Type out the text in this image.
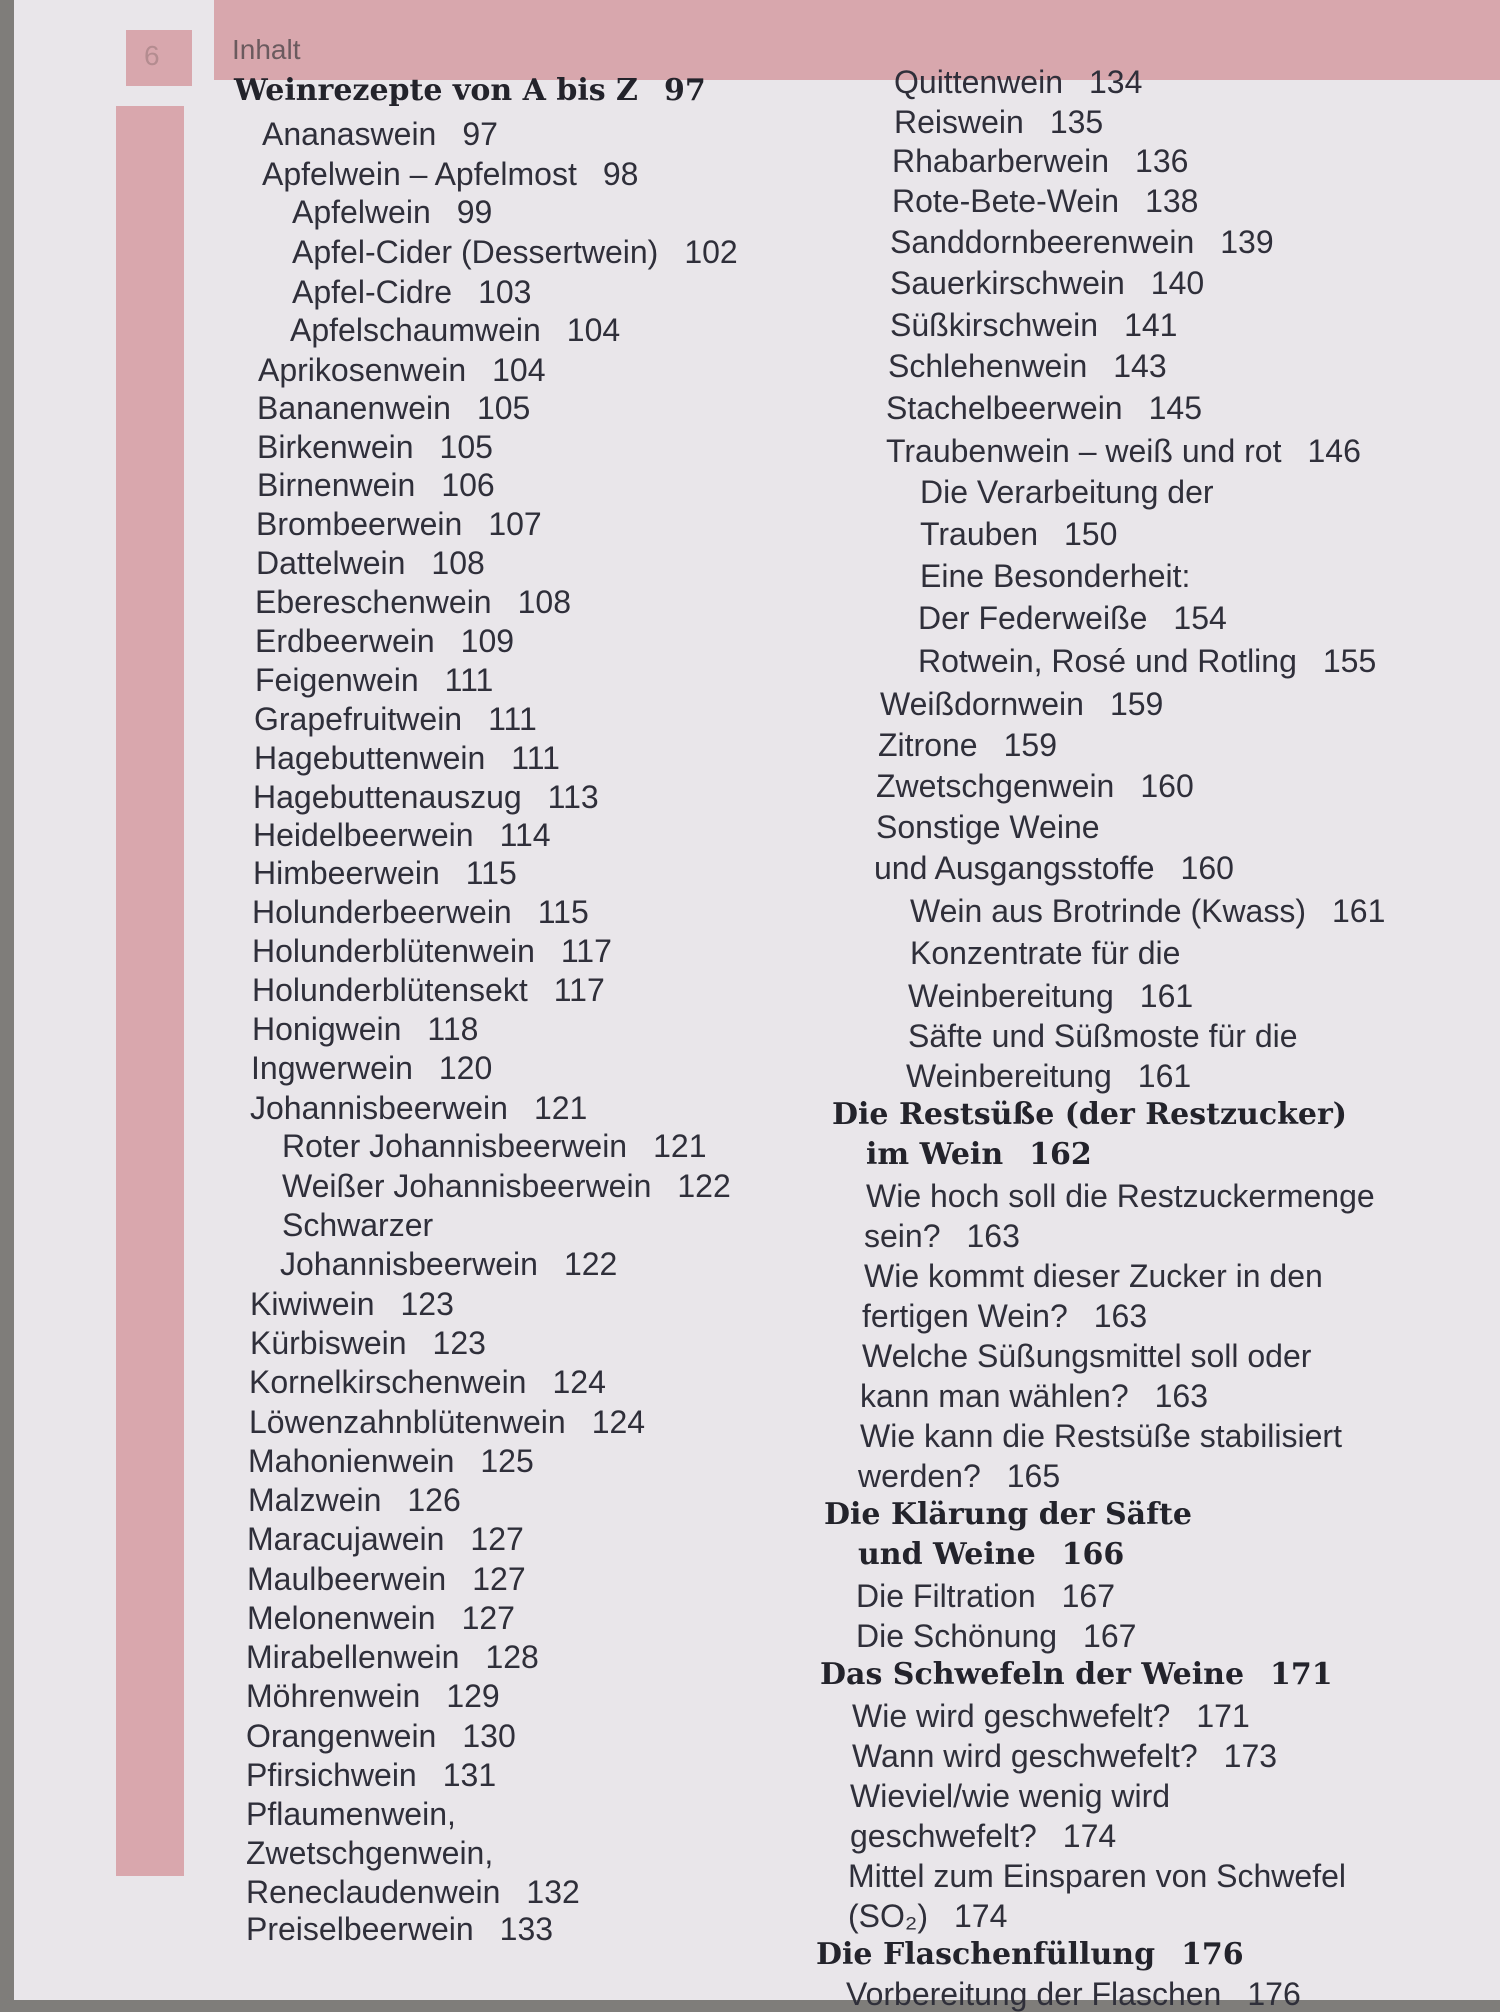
6	Inhalt
Weinrezepte von A bis Z 97
Ananaswein 97
Apfelwein – Apfelmost 98
Apfelwein 99
Apfel-Cider (Dessertwein) 102
Apfel-Cidre 103
Apfelschaumwein 104
Aprikosenwein 104
Bananenwein 105
Birkenwein 105
Birnenwein 106
Brombeerwein 107
Dattelwein 108
Ebereschenwein 108
Erdbeerwein 109
Feigenwein 111
Grapefruitwein 111
Hagebuttenwein 111
Hagebuttenauszug 113
Heidelbeerwein 114
Himbeerwein 115
Holunderbeerwein 115
Holunderblütenwein 117
Holunderblütensekt 117
Honigwein 118
Ingwerwein 120
Johannisbeerwein 121
Roter Johannisbeerwein 121
Weißer Johannisbeerwein 122
Schwarzer
Johannisbeerwein 122
Kiwiwein 123
Kürbiswein 123
Kornelkirschenwein 124
Löwenzahnblütenwein 124
Mahonienwein 125
Malzwein 126
Maracujawein 127
Maulbeerwein 127
Melonenwein 127
Mirabellenwein 128
Möhrenwein 129
Orangenwein 130
Pfirsichwein 131
Pflaumenwein,
Zwetschgenwein,
Reneclaudenwein 132
Preiselbeerwein 133
Quittenwein 134
Reiswein 135
Rhabarberwein 136
Rote-Bete-Wein 138
Sanddornbeerenwein 139
Sauerkirschwein 140
Süßkirschwein 141
Schlehenwein 143
Stachelbeerwein 145
Traubenwein – weiß und rot 146
Die Verarbeitung der
Trauben 150
Eine Besonderheit:
Der Federweiße 154
Rotwein, Rosé und Rotling 155
Weißdornwein 159
Zitrone 159
Zwetschgenwein 160
Sonstige Weine
und Ausgangsstoffe 160
Wein aus Brotrinde (Kwass) 161
Konzentrate für die
Weinbereitung 161
Säfte und Süßmoste für die
Weinbereitung 161
Die Restsüße (der Restzucker)
im Wein 162
Wie hoch soll die Restzuckermenge
sein? 163
Wie kommt dieser Zucker in den
fertigen Wein? 163
Welche Süßungsmittel soll oder
kann man wählen? 163
Wie kann die Restsüße stabilisiert
werden? 165
Die Klärung der Säfte
und Weine 166
Die Filtration 167
Die Schönung 167
Das Schwefeln der Weine 171
Wie wird geschwefelt? 171
Wann wird geschwefelt? 173
Wieviel/wie wenig wird
geschwefelt? 174
Mittel zum Einsparen von Schwefel
(SO₂) 174
Die Flaschenfüllung 176
Vorbereitung der Flaschen 176
